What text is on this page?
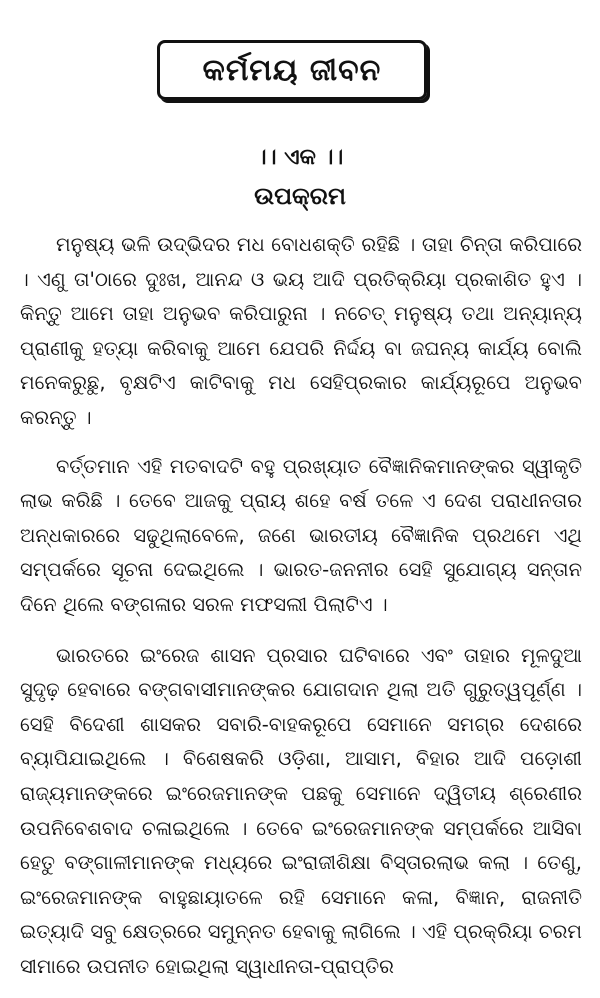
କର୍ମମୟ ଜୀବନ
।। ଏକ ।।
ଉପକ୍ରମ

ମନୁଷ୍ୟ ଭଳି ଉଦ୍ଭିଦର ମଧ ବୋଧଶକ୍ତି ରହିଛି । ତାହା ଚିନ୍ତା କରିପାରେ । ଏଣୁ ତା'ଠାରେ ଦୁଃଖ, ଆନନ୍ଦ ଓ ଭୟ ଆଦି ପ୍ରତିକ୍ରିୟା ପ୍ରକାଶିତ ହୁଏ । କିନ୍ତୁ ଆମେ ତାହା ଅନୁଭବ କରିପାରୁନା । ନଚେତ୍ ମନୁଷ୍ୟ ତଥା ଅନ୍ୟାନ୍ୟ ପ୍ରାଣୀକୁ ହତ୍ୟା କରିବାକୁ ଆମେ ଯେପରି ନିର୍ଦ୍ଦୟ ବା ଜଘନ୍ୟ କାର୍ଯ୍ୟ ବୋଲି ମନେକରୁଛୁ, ବୃକ୍ଷଟିଏ କାଟିବାକୁ ମଧ ସେହିପ୍ରକାର କାର୍ଯ୍ୟରୂପେ ଅନୁଭବ କରନ୍ତୁ ।

ବର୍ତ୍ତମାନ ଏହି ମତବାଦଟି ବହୁ ପ୍ରଖ୍ୟାତ ବୈଜ୍ଞାନିକମାନଙ୍କର ସ୍ୱୀକୃତି ଲାଭ କରିଛି । ତେବେ ଆଜକୁ ପ୍ରାୟ ଶହେ ବର୍ଷ ତଳେ ଏ ଦେଶ ପରାଧୀନତାର ଅନ୍ଧକାରରେ ସଢୁଥିଲାବେଳେ, ଜଣେ ଭାରତୀୟ ବୈଜ୍ଞାନିକ ପ୍ରଥମେ ଏଥି ସମ୍ପର୍କରେ ସୂଚନା ଦେଇଥିଲେ । ଭାରତ-ଜନନୀର ସେହି ସୁଯୋଗ୍ୟ ସନ୍ତାନ ଦିନେ ଥିଲେ ବଙ୍ଗଳାର ସରଳ ମଫସଲୀ ପିଲାଟିଏ ।

ଭାରତରେ ଇଂରେଜ ଶାସନ ପ୍ରସାର ଘଟିବାରେ ଏବଂ ତାହାର ମୂଳଦୁଆ ସୁଦୃଢ଼ ହେବାରେ ବଙ୍ଗବାସୀମାନଙ୍କର ଯୋଗଦାନ ଥିଲା ଅତି ଗୁରୁତ୍ୱପୂର୍ଣ୍ଣ । ସେହି ବିଦେଶୀ ଶାସକର ସବାରି-ବାହକରୂପେ ସେମାନେ ସମଗ୍ର ଦେଶରେ ବ୍ୟାପିଯାଇଥିଲେ । ବିଶେଷକରି ଓଡ଼ିଶା, ଆସାମ, ବିହାର ଆଦି ପଡ଼ୋଶୀ ରାଜ୍ୟମାନଙ୍କରେ ଇଂରେଜମାନଙ୍କ ପଛକୁ ସେମାନେ ଦ୍ୱିତୀୟ ଶ୍ରେଣୀର ଉପନିବେଶବାଦ ଚଳାଇଥିଲେ । ତେବେ ଇଂରେଜମାନଙ୍କ ସମ୍ପର୍କରେ ଆସିବା ହେତୁ ବଙ୍ଗାଳୀମାନଙ୍କ ମଧ୍ୟରେ ଇଂରାଜୀଶିକ୍ଷା ବିସ୍ତାରଲାଭ କଲା । ତେଣୁ, ଇଂରେଜମାନଙ୍କ ବାହୁଛାୟାତଳେ ରହି ସେମାନେ କଳା, ବିଜ୍ଞାନ, ରାଜନୀତି ଇତ୍ୟାଦି ସବୁ କ୍ଷେତ୍ରରେ ସମୁନ୍ନତ ହେବାକୁ ଲାଗିଲେ । ଏହି ପ୍ରକ୍ରିୟା ଚରମ ସୀମାରେ ଉପନୀତ ହୋଇଥିଲା ସ୍ୱାଧୀନତା-ପ୍ରାପ୍ତିର
